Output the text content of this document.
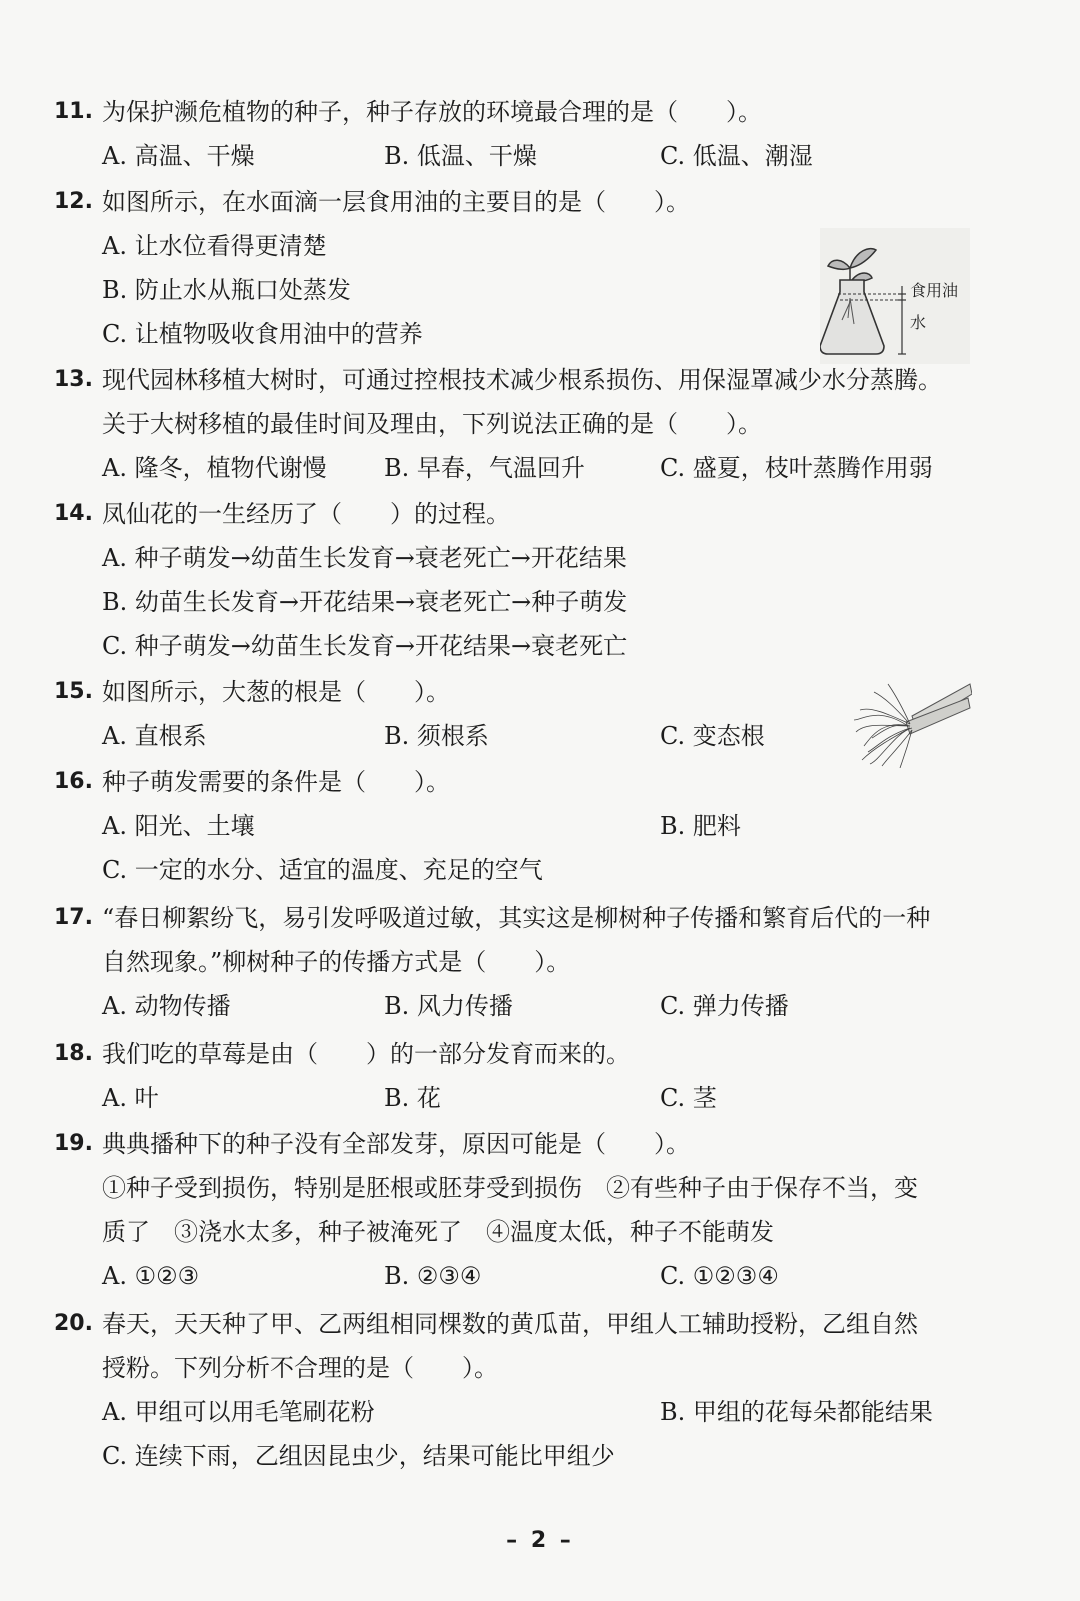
11. 为保护濒危植物的种子，种子存放的环境最合理的是（　　）。
A. 高温、干燥	B. 低温、干燥	C. 低温、潮湿
12. 如图所示，在水面滴一层食用油的主要目的是（　　）。
A. 让水位看得更清楚
B. 防止水从瓶口处蒸发
C. 让植物吸收食用油中的营养
食用油
水
13. 现代园林移植大树时，可通过控根技术减少根系损伤、用保湿罩减少水分蒸腾。
关于大树移植的最佳时间及理由，下列说法正确的是（　　）。
A. 隆冬，植物代谢慢 B. 早春，气温回升	C. 盛夏，枝叶蒸腾作用弱
14. 凤仙花的一生经历了（　　）的过程。
A. 种子萌发→幼苗生长发育→衰老死亡→开花结果
B. 幼苗生长发育→开花结果→衰老死亡→种子萌发
C. 种子萌发→幼苗生长发育→开花结果→衰老死亡
15. 如图所示，大葱的根是（　　）。
A. 直根系	B. 须根系	C. 变态根
16. 种子萌发需要的条件是（　　）。
A. 阳光、土壤	B. 肥料
C. 一定的水分、适宜的温度、充足的空气
17. “春日柳絮纷飞，易引发呼吸道过敏，其实这是柳树种子传播和繁育后代的一种
自然现象。”柳树种子的传播方式是（　　）。
A. 动物传播	B. 风力传播	C. 弹力传播
18. 我们吃的草莓是由（　　）的一部分发育而来的。
A. 叶	B. 花	C. 茎
19. 典典播种下的种子没有全部发芽，原因可能是（　　）。
①种子受到损伤，特别是胚根或胚芽受到损伤　②有些种子由于保存不当，变
质了　③浇水太多，种子被淹死了　④温度太低，种子不能萌发
A. ①②③	B. ②③④	C. ①②③④
20. 春天，天天种了甲、乙两组相同棵数的黄瓜苗，甲组人工辅助授粉，乙组自然
授粉。下列分析不合理的是（　　）。
A. 甲组可以用毛笔刷花粉	B. 甲组的花每朵都能结果
C. 连续下雨，乙组因昆虫少，结果可能比甲组少
– 2 –
